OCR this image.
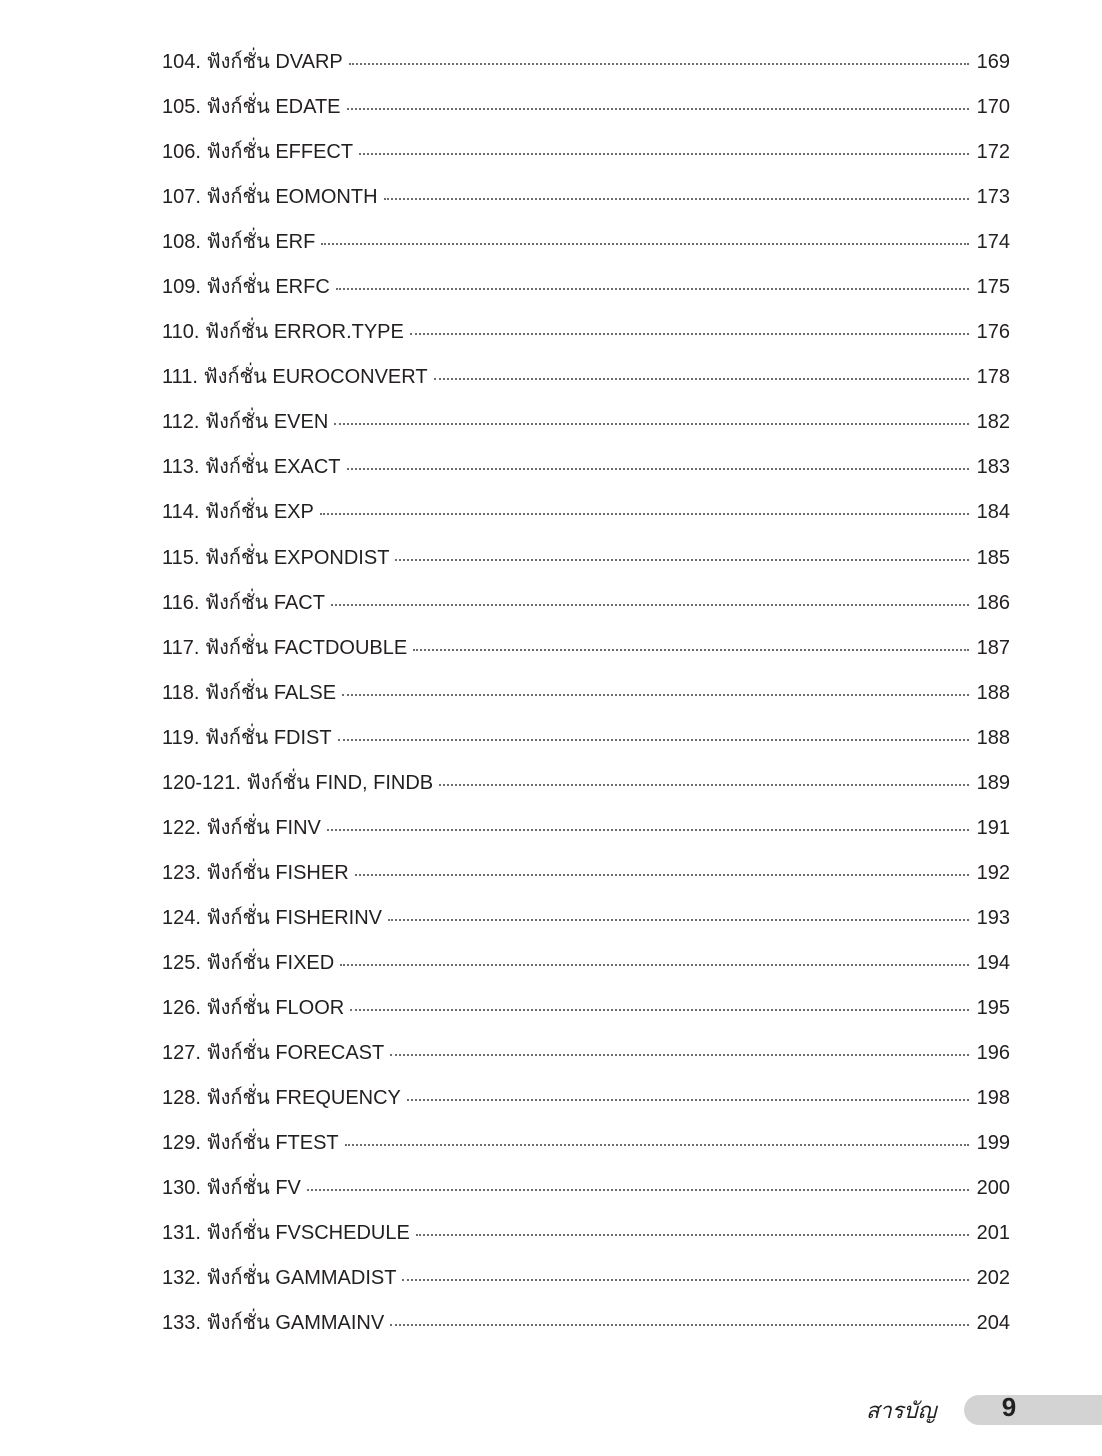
104. ฟังก์ชั่น DVARP	169
105. ฟังก์ชั่น EDATE	170
106. ฟังก์ชั่น EFFECT	172
107. ฟังก์ชั่น EOMONTH	173
108. ฟังก์ชั่น ERF	174
109. ฟังก์ชั่น ERFC	175
110. ฟังก์ชั่น ERROR.TYPE	176
111. ฟังก์ชั่น EUROCONVERT	178
112. ฟังก์ชั่น EVEN	182
113. ฟังก์ชั่น EXACT	183
114. ฟังก์ชั่น EXP	184
115. ฟังก์ชั่น EXPONDIST	185
116. ฟังก์ชั่น FACT	186
117. ฟังก์ชั่น FACTDOUBLE	187
118. ฟังก์ชั่น FALSE	188
119. ฟังก์ชั่น FDIST	188
120-121. ฟังก์ชั่น FIND, FINDB	189
122. ฟังก์ชั่น FINV	191
123. ฟังก์ชั่น FISHER	192
124. ฟังก์ชั่น FISHERINV	193
125. ฟังก์ชั่น FIXED	194
126. ฟังก์ชั่น FLOOR	195
127. ฟังก์ชั่น FORECAST	196
128. ฟังก์ชั่น FREQUENCY	198
129. ฟังก์ชั่น FTEST	199
130. ฟังก์ชั่น FV	200
131. ฟังก์ชั่น FVSCHEDULE	201
132. ฟังก์ชั่น GAMMADIST	202
133. ฟังก์ชั่น GAMMAINV	204
สารบัญ	9
